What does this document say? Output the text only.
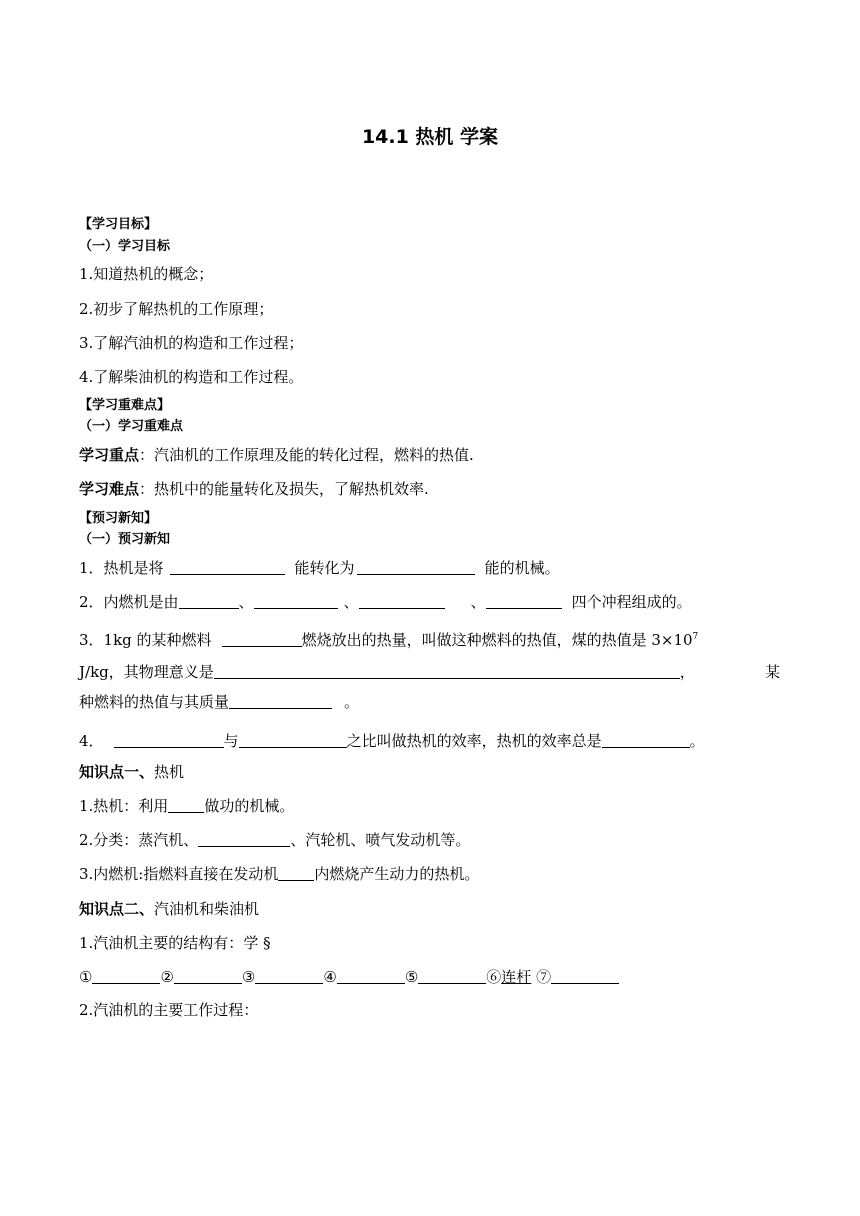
14.1 热机 学案
【学习目标】
（一）学习目标
1.知道热机的概念；
2.初步了解热机的工作原理；
3.了解汽油机的构造和工作过程；
4.了解柴油机的构造和工作过程。
【学习重难点】
（一）学习重难点
学习重点：汽油机的工作原理及能的转化过程，燃料的热值.
学习难点：热机中的能量转化及损失，了解热机效率.
【预习新知】
（一）预习新知
1．热机是将	能转化为	能的机械。
2．内燃机是由	、	、	、	四个冲程组成的。
3．1kg 的某种燃料	燃烧放出的热量，叫做这种燃料的热值，煤的热值是 $3\times 10^7$
J/kg，其物理意义是	，	某
种燃料的热值与其质量	。
4．	与	之比叫做热机的效率，热机的效率总是	。
知识点一、热机
1.热机：利用 做功的机械。
2.分类：蒸汽机、	、汽轮机、喷气发动机等。
3.内燃机:指燃料直接在发动机 内燃烧产生动力的热机。
知识点二、汽油机和柴油机
1.汽油机主要的结构有：学 §
①	②	③	④	⑤	⑥连杆 ⑦
2.汽油机的主要工作过程：
